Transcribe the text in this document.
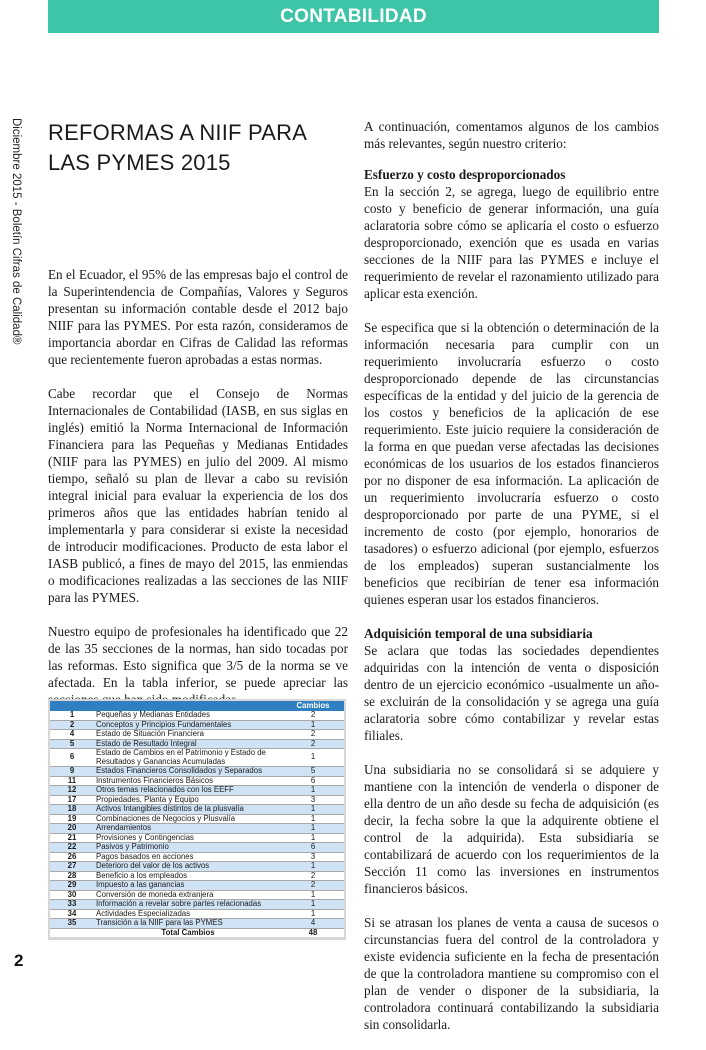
CONTABILIDAD
Diciembre 2015 - Boletín Cifras de Calidad®
2
REFORMAS A NIIF PARA LAS PYMES 2015

En el Ecuador, el 95% de las empresas bajo el control de la Superintendencia de Compañías, Valores y Seguros presentan su información contable desde el 2012 bajo NIIF para las PYMES. Por esta razón, consideramos de importancia abordar en Cifras de Calidad las reformas que recientemente fueron aprobadas a estas normas.

Cabe recordar que el Consejo de Normas Internacionales de Contabilidad (IASB, en sus siglas en inglés) emitió la Norma Internacional de Información Financiera para las Pequeñas y Medianas Entidades (NIIF para las PYMES) en julio del 2009. Al mismo tiempo, señaló su plan de llevar a cabo su revisión integral inicial para evaluar la experiencia de los dos primeros años que las entidades habrían tenido al implementarla y para considerar si existe la necesidad de introducir modificaciones. Producto de esta labor el IASB publicó, a fines de mayo del 2015, las enmiendas o modificaciones realizadas a las secciones de las NIIF para las PYMES.

Nuestro equipo de profesionales ha identificado que 22 de las 35 secciones de la normas, han sido tocadas por las reformas. Esto significa que 3/5 de la norma se ve afectada. En la tabla inferior, se puede apreciar las

		Cambios
1	Pequeñas y Medianas Entidades	2
2	Conceptos y Principios Fundamentales	1
4	Estado de Situación Financiera	2
5	Estado de Resultado Integral	2
6	Estado de Cambios en el Patrimonio y Estado de Resultados y Ganancias Acumuladas	1
9	Estados Financieros Consolidados y Separados	5
11	Instrumentos Financieros Básicos	6
12	Otros temas relacionados con los EEFF	1
17	Propiedades, Planta y Equipo	3
18	Activos Intangibles distintos de la plusvalía	1
19	Combinaciones de Negocios y Plusvalía	1
20	Arrendamientos	1
21	Provisiones y Contingencias	1
22	Pasivos y Patrimonio	6
26	Pagos basados en acciones	3
27	Deterioro del valor de los activos	1
28	Beneficio a los empleados	2
29	Impuesto a las ganancias	2
30	Conversión de moneda extranjera	1
33	Información a revelar sobre partes relacionadas	1
34	Actividades Especializadas	1
35	Transición a la NIIF para las PYMES	4
	Total Cambios	48

A continuación, comentamos algunos de los cambios más relevantes, según nuestro criterio:

Esfuerzo y costo desproporcionados

En la sección 2, se agrega, luego de equilibrio entre costo y beneficio de generar información, una guía aclaratoria sobre cómo se aplicaría el costo o esfuerzo desproporcionado, exención que es usada en varias secciones de la NIIF para las PYMES e incluye el requerimiento de revelar el razonamiento utilizado para aplicar esta exención.

Se especifica que si la obtención o determinación de la información necesaria para cumplir con un requerimiento involucraría esfuerzo o costo desproporcionado depende de las circunstancias específicas de la entidad y del juicio de la gerencia de los costos y beneficios de la aplicación de ese requerimiento. Este juicio requiere la consideración de la forma en que puedan verse afectadas las decisiones económicas de los usuarios de los estados financieros por no disponer de esa información. La aplicación de un requerimiento involucraría esfuerzo o costo desproporcionado por parte de una PYME, si el incremento de costo (por ejemplo, honorarios de tasadores) o esfuerzo adicional (por ejemplo, esfuerzos de los empleados) superan sustancialmente los beneficios que recibirían de tener esa información quienes esperan usar los estados financieros.

Adquisición temporal de una subsidiaria

Se aclara que todas las sociedades dependientes adquiridas con la intención de venta o disposición dentro de un ejercicio económico -usualmente un año- se excluirán de la consolidación y se agrega una guía aclaratoria sobre cómo contabilizar y revelar estas filiales.

Una subsidiaria no se consolidará si se adquiere y mantiene con la intención de venderla o disponer de ella dentro de un año desde su fecha de adquisición (es decir, la fecha sobre la que la adquirente obtiene el control de la adquirida). Esta subsidiaria se contabilizará de acuerdo con los requerimientos de la Sección 11 como las inversiones en instrumentos financieros básicos.

Si se atrasan los planes de venta a causa de sucesos o circunstancias fuera del control de la controladora y existe evidencia suficiente en la fecha de presentación de que la controladora mantiene su compromiso con el plan de vender o disponer de la subsidiaria, la controladora continuará contabilizando la subsidiaria sin consolidarla.
